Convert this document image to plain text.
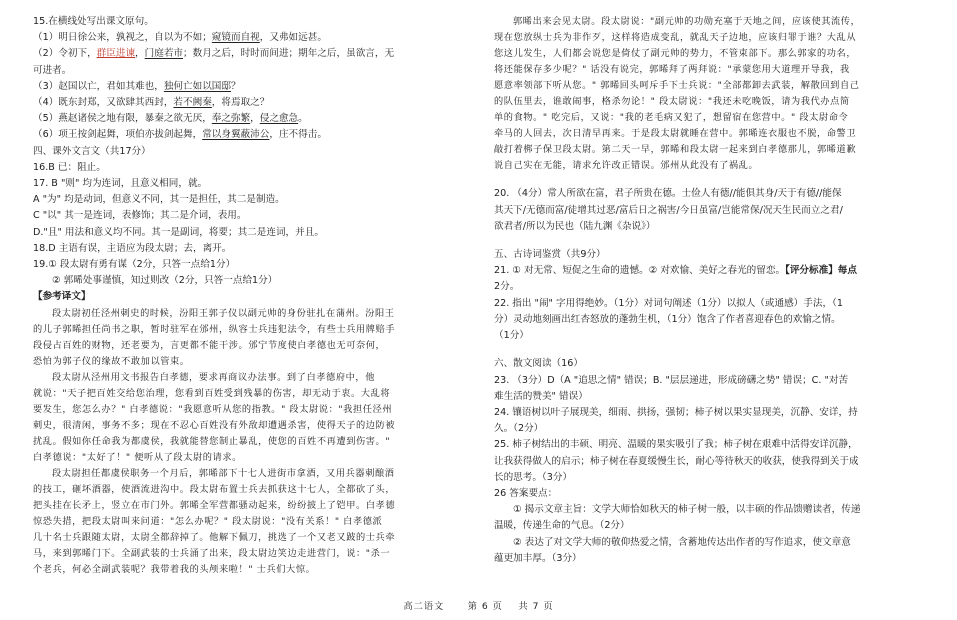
15.在横线处写出课文原句。
（1）明日徐公来，孰视之，自以为不如；窥镜而自视，又弗如远甚。
（2）令初下，群臣进谏，门庭若市；数月之后，时时而间进；期年之后，虽欲言，无
可进者。
（3）赵国以亡，君如其难也，独何亡如以国邸？
（4）既东封郑，又欲肆其西封，若不阙秦，将焉取之？
（5）燕赵诸侯之地有限，暴秦之欲无厌，奉之弥繁，侵之愈急。
（6）项王按剑起舞，项伯亦拔剑起舞，常以身翼蔽沛公，庄不得击。
四、课外文言文（共17分）
16.B 已：阻止。
17. B "则" 均为连词，且意义相同，就。
A "为" 均是动词，但意义不同，其一是担任，其二是制造。
C "以" 其一是连词，表修饰；其二是介词，表用。
D."且" 用法和意义均不同。其一是副词，将要；其二是连词，并且。
18.D 主语有误，主语应为段太尉；去，离开。
19.① 段太尉有勇有谋（2分，只答一点给1分）
② 郭晞处事谨慎，知过则改（2分，只答一点给1分）
【参考译文】
段太尉初任泾州刺史的时候，汾阳王郭子仪以副元帅的身份驻扎在蒲州。汾阳王
的儿子郭晞担任尚书之职，暂时驻军在邠州，纵容士兵违犯法令，有些士兵用牌赔手
段侵占百姓的财物，还老要为，言更都不能干涉。邠宁节度使白孝德也无可奈何，
恐怕为郭子仪的缘故不敢加以管束。
段太尉从泾州用文书报告白孝德，要求再商议办法事。到了白孝德府中，他
就说："天子把百姓交给您治理，您看到百姓受到残暴的伤害，却无动于衷。大乱将
要发生，您怎么办？" 白孝德说："我愿意听从您的指教。" 段太尉说："我担任泾州
刺史，很清闲，事务不多；现在不忍心百姓没有外敌却遭遇杀害，使得天子的边防被
扰乱。假如你任命我为都虞侯，我就能替您制止暴乱，使您的百姓不再遭到伤害。"
白孝德说："太好了！" 便听从了段太尉的请求。
段太尉担任都虞侯职务一个月后，郭晞部下十七人进街市拿酒，又用兵器刺酿酒
的技工，砸坏酒器，使酒流进沟中。段太尉布置士兵去抓获这十七人，全都砍了头，
把头挂在长矛上，竖立在市门外。郭晞全军营都骚动起来，纷纷披上了铠甲。白孝德
惊恐失措，把段太尉叫来问道："怎么办呢？" 段太尉说："没有关系！" 白孝德派
几十名士兵跟随太尉，太尉全都辞掉了。他解下佩刀，挑选了一个又老又跛的士兵牵
马，来到郭晞门下。全副武装的士兵涌了出来，段太尉边笑边走进营门，说："杀一
个老兵，何必全副武装呢？我带着我的头颅来啦！" 士兵们大惊。
郭晞出来会见太尉。段太尉说："副元帅的功勋充塞于天地之间，应该使其流传，
现在您放纵士兵为非作歹，这样将造成变乱，就乱天子边地，应该归罪于谁？大乱从
您这儿发生，人们都会说您是倚仗了副元帅的势力，不管束部下。那么郭家的功名，
将还能保存多少呢？" 话没有说完，郭晞拜了两拜说："承蒙您用大道理开导我，我
愿意率领部下听从您。" 郭晞回头呵斥手下士兵说："全部都卸去武装，解散回到自己
的队伍里去，谁敢闹事，格杀勿论！" 段太尉说："我还未吃晚饭，请为我代办点简
单的食物。" 吃完后，又说："我的老毛病又犯了，想留宿在您营中。" 段太尉命令
牵马的人回去，次日清早再来。于是段太尉就睡在营中。郭晞连衣服也不脱，命警卫
敲打着梆子保卫段太尉。第二天一早，郭晞和段太尉一起来到白孝德那儿，郭晞道歉
说自己实在无能，请求允许改正错误。邠州从此没有了祸乱。
20. （4分）常人所欲在富，君子所贵在德。士俭人有德//能俱其身/天于有德//能保
其天下/无德而富/徒增其过恶/富后日之祸害/今日虽富/岂能常保/况天生民而立之君/
欲君者/所以为民也（陆九渊《杂说》）
五、古诗词鉴赏（共9分）
21. ① 对无常、短促之生命的遗憾。② 对欢愉、美好之春光的留恋。【评分标准】每点
2分。
22. 指出 "闹" 字用得绝妙。（1分）对词句阐述（1分）以拟人（或通感）手法，（1
分）灵动地刻画出红杏怒放的蓬勃生机，（1分）饱含了作者喜迎春色的欢愉之情。
（1分）
六、散文阅读（16）
23. （3分）D（A "追思之情" 错误；B. "层层递进，形成磅礴之势" 错误；C. "对苦
难生活的赞美" 错误）
24. 镶语树以叶子展现美，细雨、拱扬，强韧；柿子树以果实显现美，沉静、安详，持
久。（2分）
25. 柿子树结出的丰硕、明亮、温暖的果实吸引了我；柿子树在艰难中活得安详沉静，
让我获得做人的启示；柿子树在春夏缓慢生长，耐心等待秋天的收获，使我得到关于成
长的思考。（3分）
26 答案要点：
① 揭示文章主旨：文学大师恰如秋天的柿子树一般，以丰硕的作品馈赠读者，传递
温暖，传递生命的气息。（2分）
② 表达了对文学大师的敬仰热爱之情，含蓄地传达出作者的写作追求，使文章意
蕴更加丰厚。（3分）
高二语文	第 6 页 共 7 页
